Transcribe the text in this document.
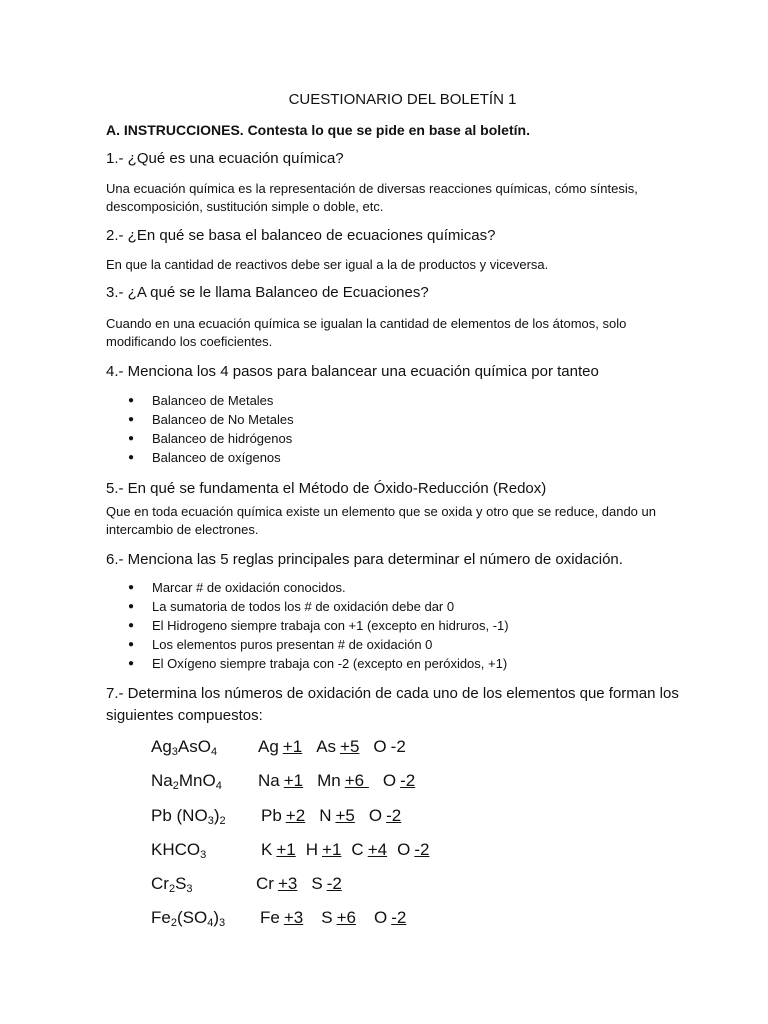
CUESTIONARIO DEL BOLETÍN 1
A. INSTRUCCIONES. Contesta lo que se pide en base al boletín.
1.- ¿Qué es una ecuación química?
Una ecuación química es la representación de diversas reacciones químicas, cómo síntesis,
descomposición, sustitución simple o doble, etc.
2.- ¿En qué se basa el balanceo de ecuaciones químicas?
En que la cantidad de reactivos debe ser igual a la de productos y viceversa.
3.- ¿A qué se le llama Balanceo de Ecuaciones?
Cuando en una ecuación química se igualan la cantidad de elementos de los átomos, solo
modificando los coeficientes.
4.- Menciona los 4 pasos para balancear una ecuación química por tanteo
● Balanceo de Metales
● Balanceo de No Metales
● Balanceo de hidrógenos
● Balanceo de oxígenos
5.- En qué se fundamenta el Método de Óxido-Reducción (Redox)
Que en toda ecuación química existe un elemento que se oxida y otro que se reduce, dando un
intercambio de electrones.
6.- Menciona las 5 reglas principales para determinar el número de oxidación.
● Marcar # de oxidación conocidos.
● La sumatoria de todos los # de oxidación debe dar 0
● El Hidrogeno siempre trabaja con +1 (excepto en hidruros, -1)
● Los elementos puros presentan # de oxidación 0
● El Oxígeno siempre trabaja con -2 (excepto en peróxidos, +1)
7.- Determina los números de oxidación de cada uno de los elementos que forman los
siguientes compuestos:
$Ag_3AsO_4$ Ag +1 As +5 O -2
$Na_2MnO_4$ Na +1 Mn +6 O -2
Pb $(NO_3)_2$ Pb +2 N +5 O -2
$KHCO_3$	K +1 H +1 C +4 O -2
$Cr_2S_3$	Cr +3 S -2
$Fe_2(SO_4)_3$ Fe +3 S +6 O -2
